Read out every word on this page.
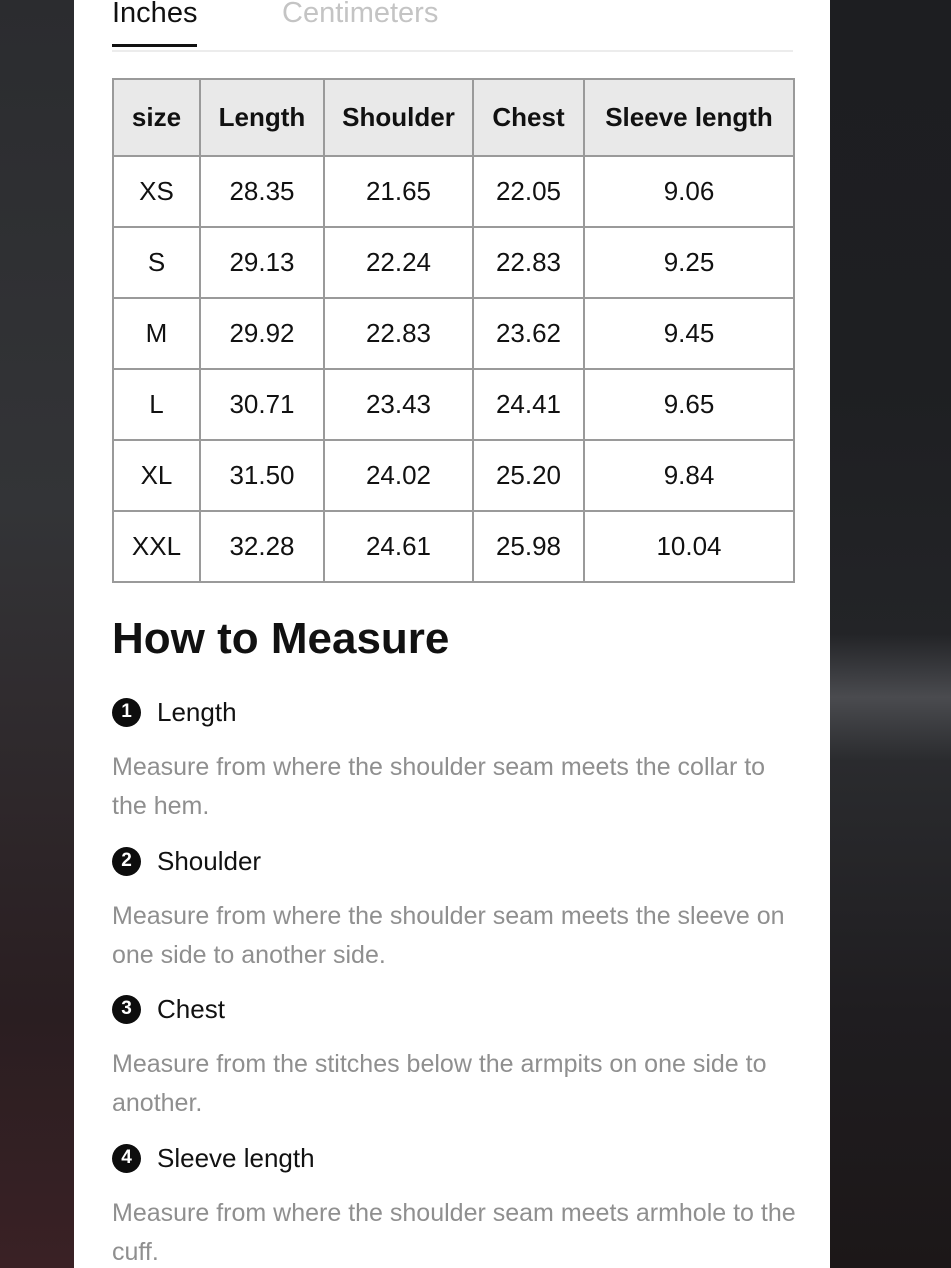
Inches	Centimeters
size	Length	Shoulder	Chest	Sleeve length
XS	28.35	21.65	22.05	9.06
S	29.13	22.24	22.83	9.25
M	29.92	22.83	23.62	9.45
L	30.71	23.43	24.41	9.65
XL	31.50	24.02	25.20	9.84
XXL	32.28	24.61	25.98	10.04
How to Measure
1 Length
Measure from where the shoulder seam meets the collar to the hem.
2 Shoulder
Measure from where the shoulder seam meets the sleeve on one side to another side.
3 Chest
Measure from the stitches below the armpits on one side to another.
4 Sleeve length
Measure from where the shoulder seam meets armhole to the cuff.
